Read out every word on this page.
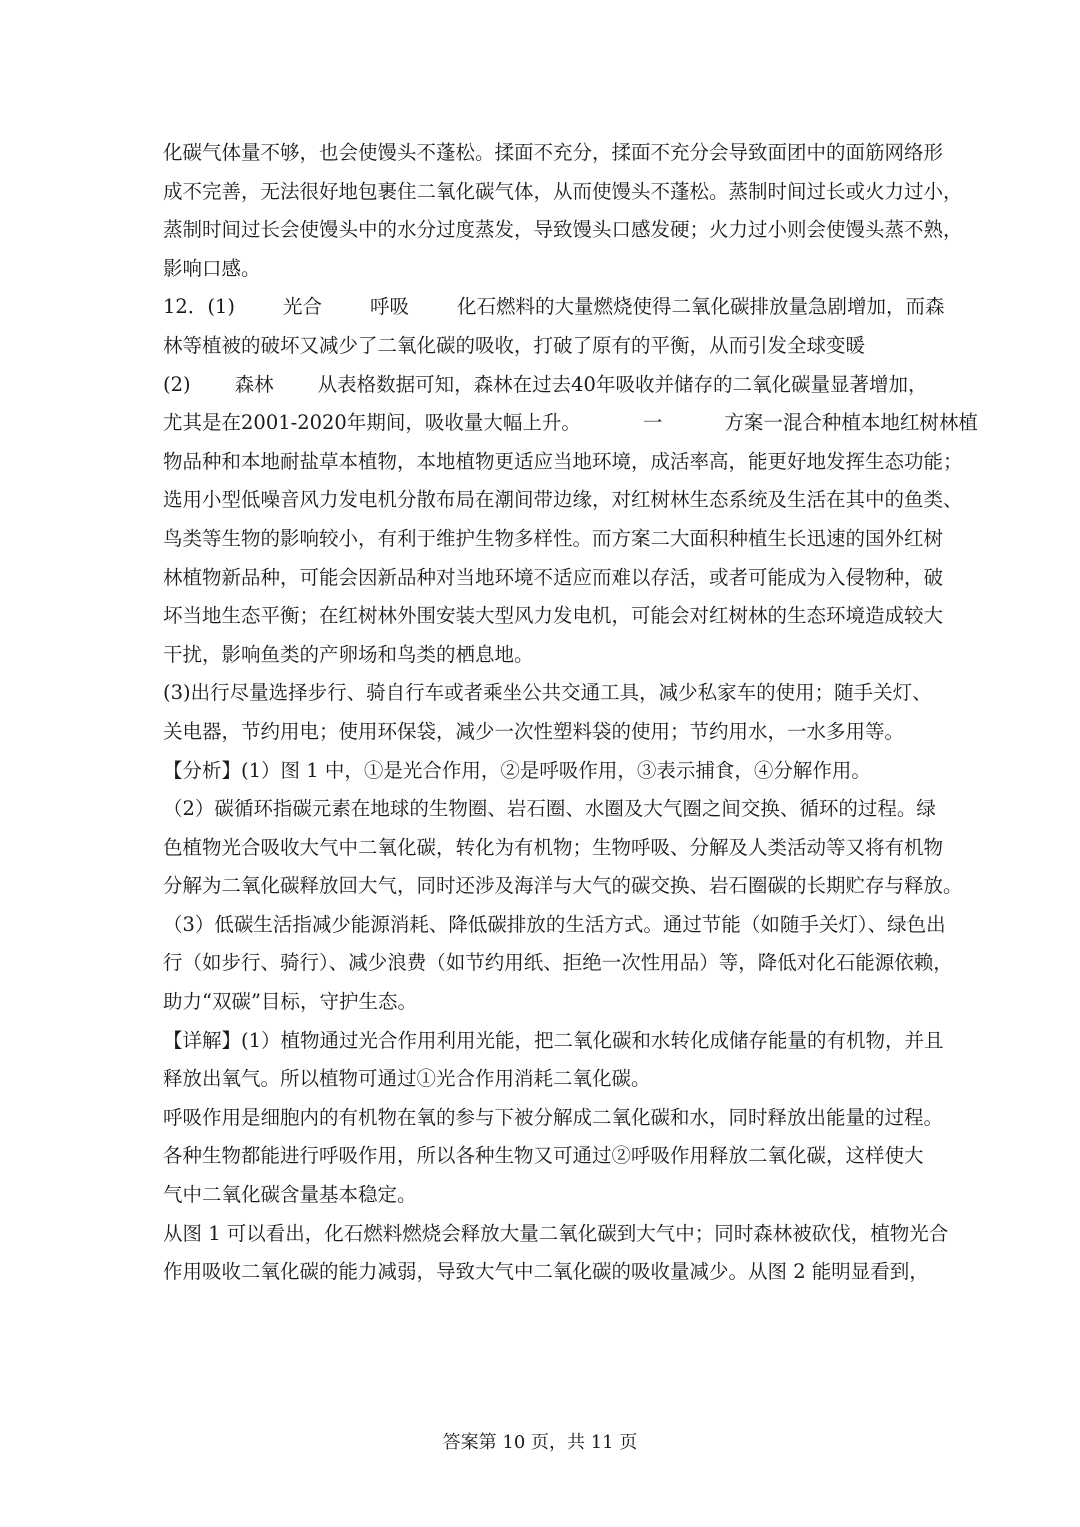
化碳气体量不够，也会使馒头不蓬松。揉面不充分，揉面不充分会导致面团中的面筋网络形
成不完善，无法很好地包裹住二氧化碳气体，从而使馒头不蓬松。蒸制时间过长或火力过小，
蒸制时间过长会使馒头中的水分过度蒸发，导致馒头口感发硬；火力过小则会使馒头蒸不熟，
影响口感。
12．(1) 光合 呼吸 化石燃料的大量燃烧使得二氧化碳排放量急剧增加，而森
林等植被的破坏又减少了二氧化碳的吸收，打破了原有的平衡，从而引发全球变暖
(2) 森林 从表格数据可知，森林在过去40年吸收并储存的二氧化碳量显著增加，
尤其是在2001-2020年期间，吸收量大幅上升。	一	方案一混合种植本地红树林植
物品种和本地耐盐草本植物，本地植物更适应当地环境，成活率高，能更好地发挥生态功能；
选用小型低噪音风力发电机分散布局在潮间带边缘，对红树林生态系统及生活在其中的鱼类、
鸟类等生物的影响较小，有利于维护生物多样性。而方案二大面积种植生长迅速的国外红树
林植物新品种，可能会因新品种对当地环境不适应而难以存活，或者可能成为入侵物种，破
坏当地生态平衡；在红树林外围安装大型风力发电机，可能会对红树林的生态环境造成较大
干扰，影响鱼类的产卵场和鸟类的栖息地。
(3)出行尽量选择步行、骑自行车或者乘坐公共交通工具，减少私家车的使用；随手关灯、
关电器，节约用电；使用环保袋，减少一次性塑料袋的使用；节约用水，一水多用等。
【分析】(1）图 1 中，①是光合作用，②是呼吸作用，③表示捕食，④分解作用。
（2）碳循环指碳元素在地球的生物圈、岩石圈、水圈及大气圈之间交换、循环的过程。绿
色植物光合吸收大气中二氧化碳，转化为有机物；生物呼吸、分解及人类活动等又将有机物
分解为二氧化碳释放回大气，同时还涉及海洋与大气的碳交换、岩石圈碳的长期贮存与释放。
（3）低碳生活指减少能源消耗、降低碳排放的生活方式。通过节能（如随手关灯）、绿色出
行（如步行、骑行）、减少浪费（如节约用纸、拒绝一次性用品）等，降低对化石能源依赖，
助力“双碳”目标，守护生态。
【详解】(1）植物通过光合作用利用光能，把二氧化碳和水转化成储存能量的有机物，并且
释放出氧气。所以植物可通过①光合作用消耗二氧化碳。
呼吸作用是细胞内的有机物在氧的参与下被分解成二氧化碳和水，同时释放出能量的过程。
各种生物都能进行呼吸作用，所以各种生物又可通过②呼吸作用释放二氧化碳，这样使大
气中二氧化碳含量基本稳定。
从图 1 可以看出，化石燃料燃烧会释放大量二氧化碳到大气中；同时森林被砍伐，植物光合
作用吸收二氧化碳的能力减弱，导致大气中二氧化碳的吸收量减少。从图 2 能明显看到，
答案第 10 页，共 11 页
